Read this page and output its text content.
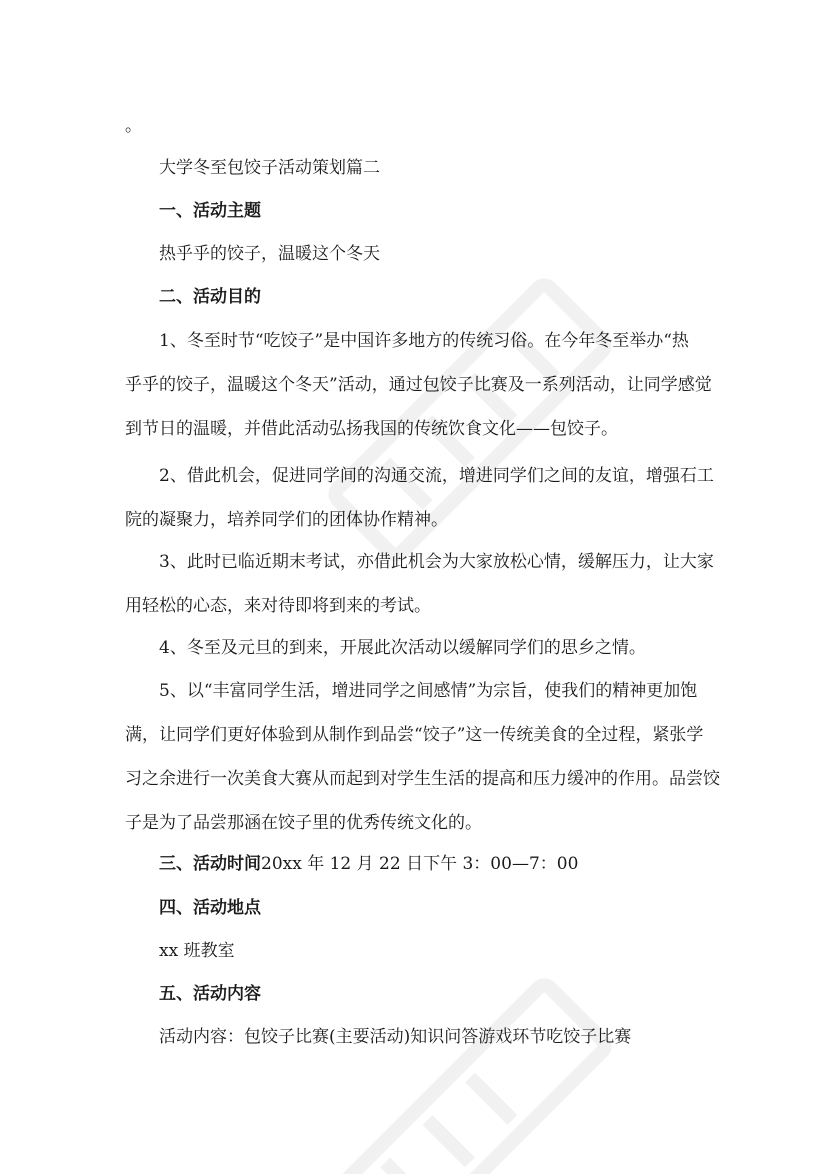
。

大学冬至包饺子活动策划篇二

一、活动主题

热乎乎的饺子，温暖这个冬天

二、活动目的

1、冬至时节“吃饺子”是中国许多地方的传统习俗。在今年冬至举办“热
乎乎的饺子，温暖这个冬天”活动，通过包饺子比赛及一系列活动，让同学感觉
到节日的温暖，并借此活动弘扬我国的传统饮食文化——包饺子。
2、借此机会，促进同学间的沟通交流，增进同学们之间的友谊，增强石工
院的凝聚力，培养同学们的团体协作精神。
3、此时已临近期末考试，亦借此机会为大家放松心情，缓解压力，让大家
用轻松的心态，来对待即将到来的考试。
4、冬至及元旦的到来，开展此次活动以缓解同学们的思乡之情。
5、以“丰富同学生活，增进同学之间感情”为宗旨，使我们的精神更加饱
满，让同学们更好体验到从制作到品尝“饺子”这一传统美食的全过程，紧张学
习之余进行一次美食大赛从而起到对学生生活的提高和压力缓冲的作用。品尝饺
子是为了品尝那涵在饺子里的优秀传统文化的。

三、活动时间20xx 年 12 月 22 日下午 3：00—7：00

四、活动地点

xx 班教室

五、活动内容

活动内容：包饺子比赛(主要活动)知识问答游戏环节吃饺子比赛
